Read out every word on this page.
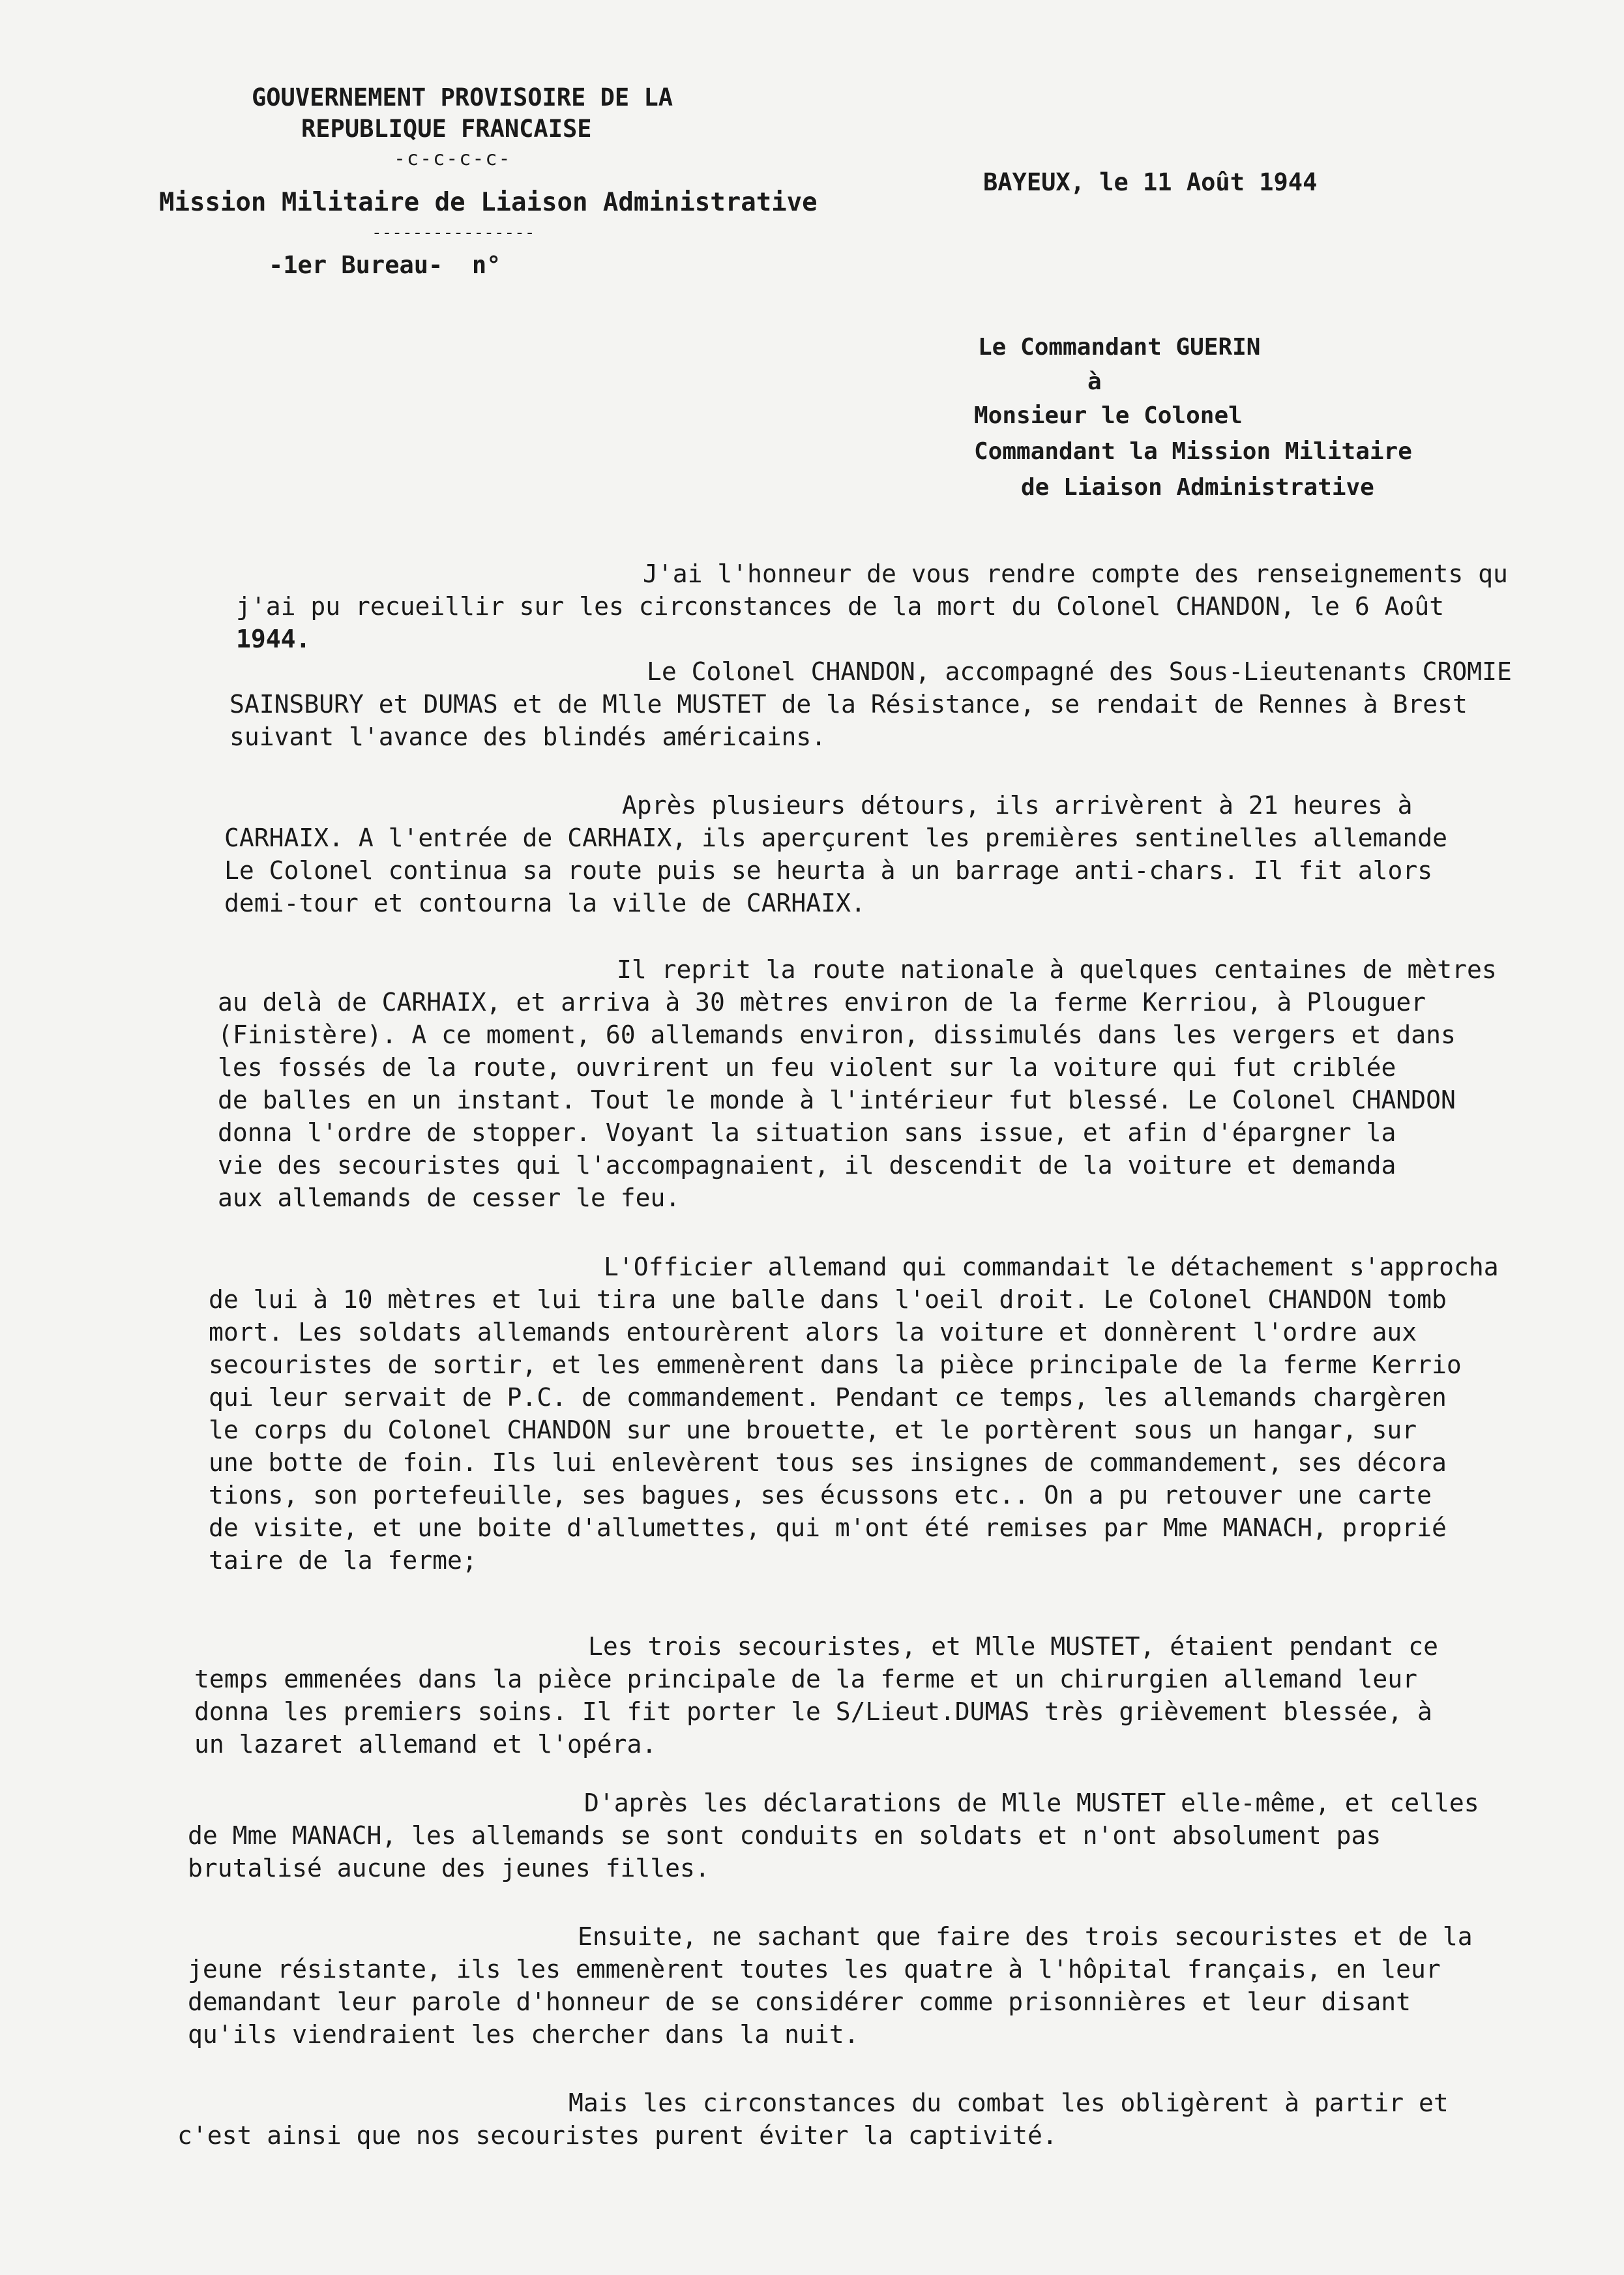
GOUVERNEMENT PROVISOIRE DE LA
REPUBLIQUE FRANCAISE
-c-c-c-c-
Mission Militaire de Liaison Administrative
----------------
-1er Bureau-  n°
BAYEUX, le 11 Août 1944
Le Commandant GUERIN
à
Monsieur le Colonel
Commandant la Mission Militaire
de Liaison Administrative
J'ai l'honneur de vous rendre compte des renseignements qu
j'ai pu recueillir sur les circonstances de la mort du Colonel CHANDON, le 6 Août
1944.
Le Colonel CHANDON, accompagné des Sous-Lieutenants CROMIE
SAINSBURY et DUMAS et de Mlle MUSTET de la Résistance, se rendait de Rennes à Brest
suivant l'avance des blindés américains.
Après plusieurs détours, ils arrivèrent à 21 heures à
CARHAIX. A l'entrée de CARHAIX, ils aperçurent les premières sentinelles allemande
Le Colonel continua sa route puis se heurta à un barrage anti-chars. Il fit alors
demi-tour et contourna la ville de CARHAIX.
Il reprit la route nationale à quelques centaines de mètres
au delà de CARHAIX, et arriva à 30 mètres environ de la ferme Kerriou, à Plouguer
(Finistère). A ce moment, 60 allemands environ, dissimulés dans les vergers et dans
les fossés de la route, ouvrirent un feu violent sur la voiture qui fut criblée
de balles en un instant. Tout le monde à l'intérieur fut blessé. Le Colonel CHANDON
donna l'ordre de stopper. Voyant la situation sans issue, et afin d'épargner la
vie des secouristes qui l'accompagnaient, il descendit de la voiture et demanda
aux allemands de cesser le feu.
L'Officier allemand qui commandait le détachement s'approcha
de lui à 10 mètres et lui tira une balle dans l'oeil droit. Le Colonel CHANDON tomb
mort. Les soldats allemands entourèrent alors la voiture et donnèrent l'ordre aux
secouristes de sortir, et les emmenèrent dans la pièce principale de la ferme Kerrio
qui leur servait de P.C. de commandement. Pendant ce temps, les allemands chargèren
le corps du Colonel CHANDON sur une brouette, et le portèrent sous un hangar, sur
une botte de foin. Ils lui enlevèrent tous ses insignes de commandement, ses décora
tions, son portefeuille, ses bagues, ses écussons etc.. On a pu retouver une carte
de visite, et une boite d'allumettes, qui m'ont été remises par Mme MANACH, proprié
taire de la ferme;
Les trois secouristes, et Mlle MUSTET, étaient pendant ce
temps emmenées dans la pièce principale de la ferme et un chirurgien allemand leur
donna les premiers soins. Il fit porter le S/Lieut.DUMAS très grièvement blessée, à
un lazaret allemand et l'opéra.
D'après les déclarations de Mlle MUSTET elle-même, et celles
de Mme MANACH, les allemands se sont conduits en soldats et n'ont absolument pas
brutalisé aucune des jeunes filles.
Ensuite, ne sachant que faire des trois secouristes et de la
jeune résistante, ils les emmenèrent toutes les quatre à l'hôpital français, en leur
demandant leur parole d'honneur de se considérer comme prisonnières et leur disant
qu'ils viendraient les chercher dans la nuit.
Mais les circonstances du combat les obligèrent à partir et
c'est ainsi que nos secouristes purent éviter la captivité.
